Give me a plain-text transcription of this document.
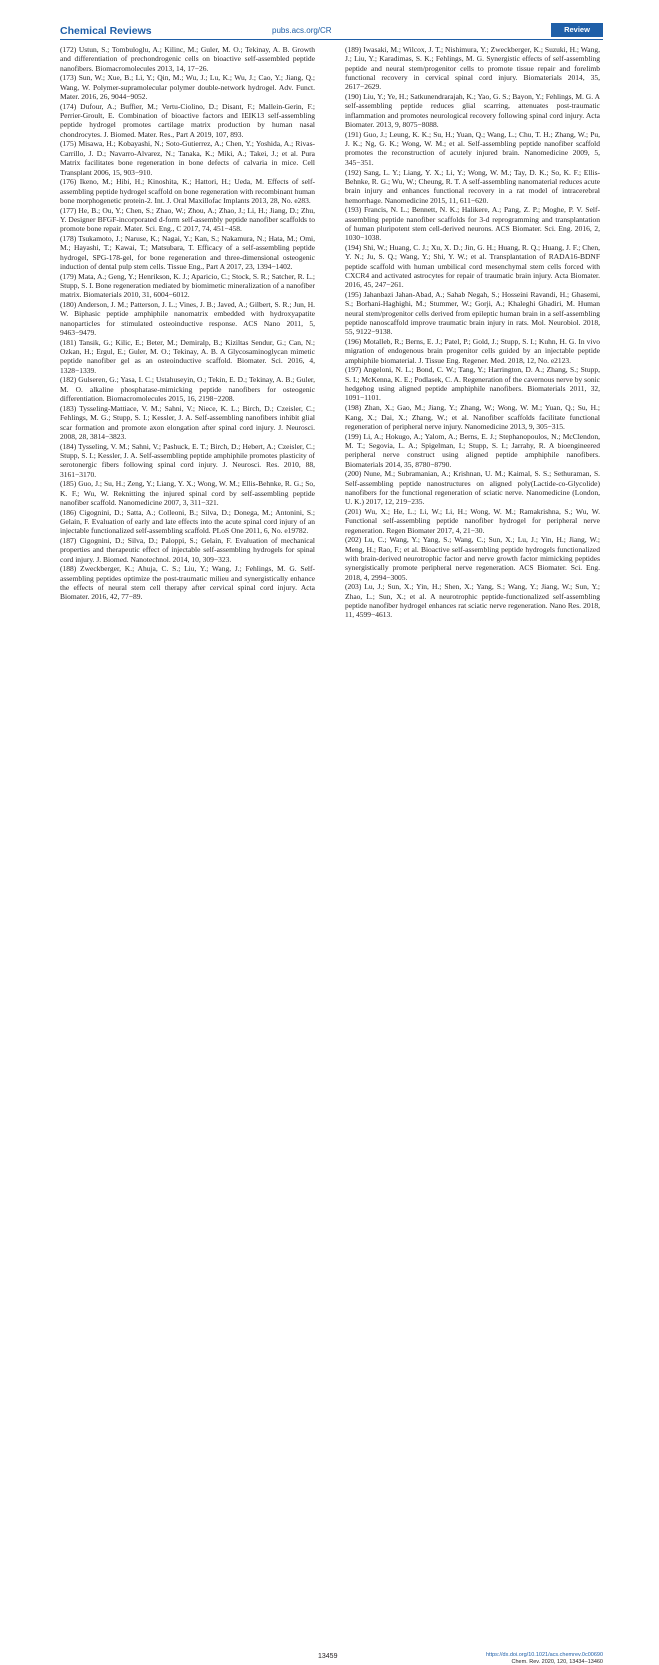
Chemical Reviews	pubs.acs.org/CR	Review

(172) Ustun, S.; Tombuloglu, A.; Kilinc, M.; Guler, M. O.; Tekinay, A. B. Growth and differentiation of prechondrogenic cells on bioactive self-assembled peptide nanofibers. Biomacromolecules 2013, 14, 17−26.

(173) Sun, W.; Xue, B.; Li, Y.; Qin, M.; Wu, J.; Lu, K.; Wu, J.; Cao, Y.; Jiang, Q.; Wang, W. Polymer-supramolecular polymer double-network hydrogel. Adv. Funct. Mater. 2016, 26, 9044−9052.

(174) Dufour, A.; Buffier, M.; Vertu-Ciolino, D.; Disant, F.; Mallein-Gerin, F.; Perrier-Groult, E. Combination of bioactive factors and IEIK13 self-assembling peptide hydrogel promotes cartilage matrix production by human nasal chondrocytes. J. Biomed. Mater. Res., Part A 2019, 107, 893.

(175) Misawa, H.; Kobayashi, N.; Soto-Gutierrez, A.; Chen, Y.; Yoshida, A.; Rivas-Carrillo, J. D.; Navarro-Alvarez, N.; Tanaka, K.; Miki, A.; Takei, J.; et al. Pura Matrix facilitates bone regeneration in bone defects of calvaria in mice. Cell Transplant 2006, 15, 903−910.

(176) Ikeno, M.; Hibi, H.; Kinoshita, K.; Hattori, H.; Ueda, M. Effects of self-assembling peptide hydrogel scaffold on bone regeneration with recombinant human bone morphogenetic protein-2. Int. J. Oral Maxillofac Implants 2013, 28, No. e283.

(177) He, B.; Ou, Y.; Chen, S.; Zhao, W.; Zhou, A.; Zhao, J.; Li, H.; Jiang, D.; Zhu, Y. Designer BFGF-incorporated d-form self-assembly peptide nanofiber scaffolds to promote bone repair. Mater. Sci. Eng., C 2017, 74, 451−458.

(178) Tsukamoto, J.; Naruse, K.; Nagai, Y.; Kan, S.; Nakamura, N.; Hata, M.; Omi, M.; Hayashi, T.; Kawai, T.; Matsubara, T. Efficacy of a self-assembling peptide hydrogel, SPG-178-gel, for bone regeneration and three-dimensional osteogenic induction of dental pulp stem cells. Tissue Eng., Part A 2017, 23, 1394−1402.

(179) Mata, A.; Geng, Y.; Henrikson, K. J.; Aparicio, C.; Stock, S. R.; Satcher, R. L.; Stupp, S. I. Bone regeneration mediated by biomimetic mineralization of a nanofiber matrix. Biomaterials 2010, 31, 6004−6012.

(180) Anderson, J. M.; Patterson, J. L.; Vines, J. B.; Javed, A.; Gilbert, S. R.; Jun, H. W. Biphasic peptide amphiphile nanomatrix embedded with hydroxyapatite nanoparticles for stimulated osteoinductive response. ACS Nano 2011, 5, 9463−9479.

(181) Tansik, G.; Kilic, E.; Beter, M.; Demiralp, B.; Kiziltas Sendur, G.; Can, N.; Ozkan, H.; Ergul, E.; Guler, M. O.; Tekinay, A. B. A Glycosaminoglycan mimetic peptide nanofiber gel as an osteoinductive scaffold. Biomater. Sci. 2016, 4, 1328−1339.

(182) Gulseren, G.; Yasa, I. C.; Ustahuseyin, O.; Tekin, E. D.; Tekinay, A. B.; Guler, M. O. alkaline phosphatase-mimicking peptide nanofibers for osteogenic differentiation. Biomacromolecules 2015, 16, 2198−2208.

(183) Tysseling-Mattiace, V. M.; Sahni, V.; Niece, K. L.; Birch, D.; Czeisler, C.; Fehlings, M. G.; Stupp, S. I.; Kessler, J. A. Self-assembling nanofibers inhibit glial scar formation and promote axon elongation after spinal cord injury. J. Neurosci. 2008, 28, 3814−3823.

(184) Tysseling, V. M.; Sahni, V.; Pashuck, E. T.; Birch, D.; Hebert, A.; Czeisler, C.; Stupp, S. I.; Kessler, J. A. Self-assembling peptide amphiphile promotes plasticity of serotonergic fibers following spinal cord injury. J. Neurosci. Res. 2010, 88, 3161−3170.

(185) Guo, J.; Su, H.; Zeng, Y.; Liang, Y. X.; Wong, W. M.; Ellis-Behnke, R. G.; So, K. F.; Wu, W. Reknitting the injured spinal cord by self-assembling peptide nanofiber scaffold. Nanomedicine 2007, 3, 311−321.

(186) Cigognini, D.; Satta, A.; Colleoni, B.; Silva, D.; Donega, M.; Antonini, S.; Gelain, F. Evaluation of early and late effects into the acute spinal cord injury of an injectable functionalized self-assembling scaffold. PLoS One 2011, 6, No. e19782.

(187) Cigognini, D.; Silva, D.; Paloppi, S.; Gelain, F. Evaluation of mechanical properties and therapeutic effect of injectable self-assembling hydrogels for spinal cord injury. J. Biomed. Nanotechnol. 2014, 10, 309−323.

(188) Zweckberger, K.; Ahuja, C. S.; Liu, Y.; Wang, J.; Fehlings, M. G. Self-assembling peptides optimize the post-traumatic milieu and synergistically enhance the effects of neural stem cell therapy after cervical spinal cord injury. Acta Biomater. 2016, 42, 77−89.

(189) Iwasaki, M.; Wilcox, J. T.; Nishimura, Y.; Zweckberger, K.; Suzuki, H.; Wang, J.; Liu, Y.; Karadimas, S. K.; Fehlings, M. G. Synergistic effects of self-assembling peptide and neural stem/progenitor cells to promote tissue repair and forelimb functional recovery in cervical spinal cord injury. Biomaterials 2014, 35, 2617−2629.

(190) Liu, Y.; Ye, H.; Satkunendrarajah, K.; Yao, G. S.; Bayon, Y.; Fehlings, M. G. A self-assembling peptide reduces glial scarring, attenuates post-traumatic inflammation and promotes neurological recovery following spinal cord injury. Acta Biomater. 2013, 9, 8075−8088.

(191) Guo, J.; Leung, K. K.; Su, H.; Yuan, Q.; Wang, L.; Chu, T. H.; Zhang, W.; Pu, J. K.; Ng, G. K.; Wong, W. M.; et al. Self-assembling peptide nanofiber scaffold promotes the reconstruction of acutely injured brain. Nanomedicine 2009, 5, 345−351.

(192) Sang, L. Y.; Liang, Y. X.; Li, Y.; Wong, W. M.; Tay, D. K.; So, K. F.; Ellis-Behnke, R. G.; Wu, W.; Cheung, R. T. A self-assembling nanomaterial reduces acute brain injury and enhances functional recovery in a rat model of intracerebral hemorrhage. Nanomedicine 2015, 11, 611−620.

(193) Francis, N. L.; Bennett, N. K.; Halikere, A.; Pang, Z. P.; Moghe, P. V. Self-assembling peptide nanofiber scaffolds for 3-d reprogramming and transplantation of human pluripotent stem cell-derived neurons. ACS Biomater. Sci. Eng. 2016, 2, 1030−1038.

(194) Shi, W.; Huang, C. J.; Xu, X. D.; Jin, G. H.; Huang, R. Q.; Huang, J. F.; Chen, Y. N.; Ju, S. Q.; Wang, Y.; Shi, Y. W.; et al. Transplantation of RADA16-BDNF peptide scaffold with human umbilical cord mesenchymal stem cells forced with CXCR4 and activated astrocytes for repair of traumatic brain injury. Acta Biomater. 2016, 45, 247−261.

(195) Jahanbazi Jahan-Abad, A.; Sahab Negah, S.; Hosseini Ravandi, H.; Ghasemi, S.; Borhani-Haghighi, M.; Stummer, W.; Gorji, A.; Khaleghi Ghadiri, M. Human neural stem/progenitor cells derived from epileptic human brain in a self-assembling peptide nanoscaffold improve traumatic brain injury in rats. Mol. Neurobiol. 2018, 55, 9122−9138.

(196) Motalleb, R.; Berns, E. J.; Patel, P.; Gold, J.; Stupp, S. I.; Kuhn, H. G. In vivo migration of endogenous brain progenitor cells guided by an injectable peptide amphiphile biomaterial. J. Tissue Eng. Regener. Med. 2018, 12, No. e2123.

(197) Angeloni, N. L.; Bond, C. W.; Tang, Y.; Harrington, D. A.; Zhang, S.; Stupp, S. I.; McKenna, K. E.; Podlasek, C. A. Regeneration of the cavernous nerve by sonic hedgehog using aligned peptide amphiphile nanofibers. Biomaterials 2011, 32, 1091−1101.

(198) Zhan, X.; Gao, M.; Jiang, Y.; Zhang, W.; Wong, W. M.; Yuan, Q.; Su, H.; Kang, X.; Dai, X.; Zhang, W.; et al. Nanofiber scaffolds facilitate functional regeneration of peripheral nerve injury. Nanomedicine 2013, 9, 305−315.

(199) Li, A.; Hokugo, A.; Yalom, A.; Berns, E. J.; Stephanopoulos, N.; McClendon, M. T.; Segovia, L. A.; Spigelman, I.; Stupp, S. I.; Jarrahy, R. A bioengineered peripheral nerve construct using aligned peptide amphiphile nanofibers. Biomaterials 2014, 35, 8780−8790.

(200) Nune, M.; Subramanian, A.; Krishnan, U. M.; Kaimal, S. S.; Sethuraman, S. Self-assembling peptide nanostructures on aligned poly(Lactide-co-Glycolide) nanofibers for the functional regeneration of sciatic nerve. Nanomedicine (London, U. K.) 2017, 12, 219−235.

(201) Wu, X.; He, L.; Li, W.; Li, H.; Wong, W. M.; Ramakrishna, S.; Wu, W. Functional self-assembling peptide nanofiber hydrogel for peripheral nerve regeneration. Regen Biomater 2017, 4, 21−30.

(202) Lu, C.; Wang, Y.; Yang, S.; Wang, C.; Sun, X.; Lu, J.; Yin, H.; Jiang, W.; Meng, H.; Rao, F.; et al. Bioactive self-assembling peptide hydrogels functionalized with brain-derived neurotrophic factor and nerve growth factor mimicking peptides synergistically promote peripheral nerve regeneration. ACS Biomater. Sci. Eng. 2018, 4, 2994−3005.

(203) Lu, J.; Sun, X.; Yin, H.; Shen, X.; Yang, S.; Wang, Y.; Jiang, W.; Sun, Y.; Zhao, L.; Sun, X.; et al. A neurotrophic peptide-functionalized self-assembling peptide nanofiber hydrogel enhances rat sciatic nerve regeneration. Nano Res. 2018, 11, 4599−4613.

13459	https://dx.doi.org/10.1021/acs.chemrev.0c00690
Chem. Rev. 2020, 120, 13434−13460
